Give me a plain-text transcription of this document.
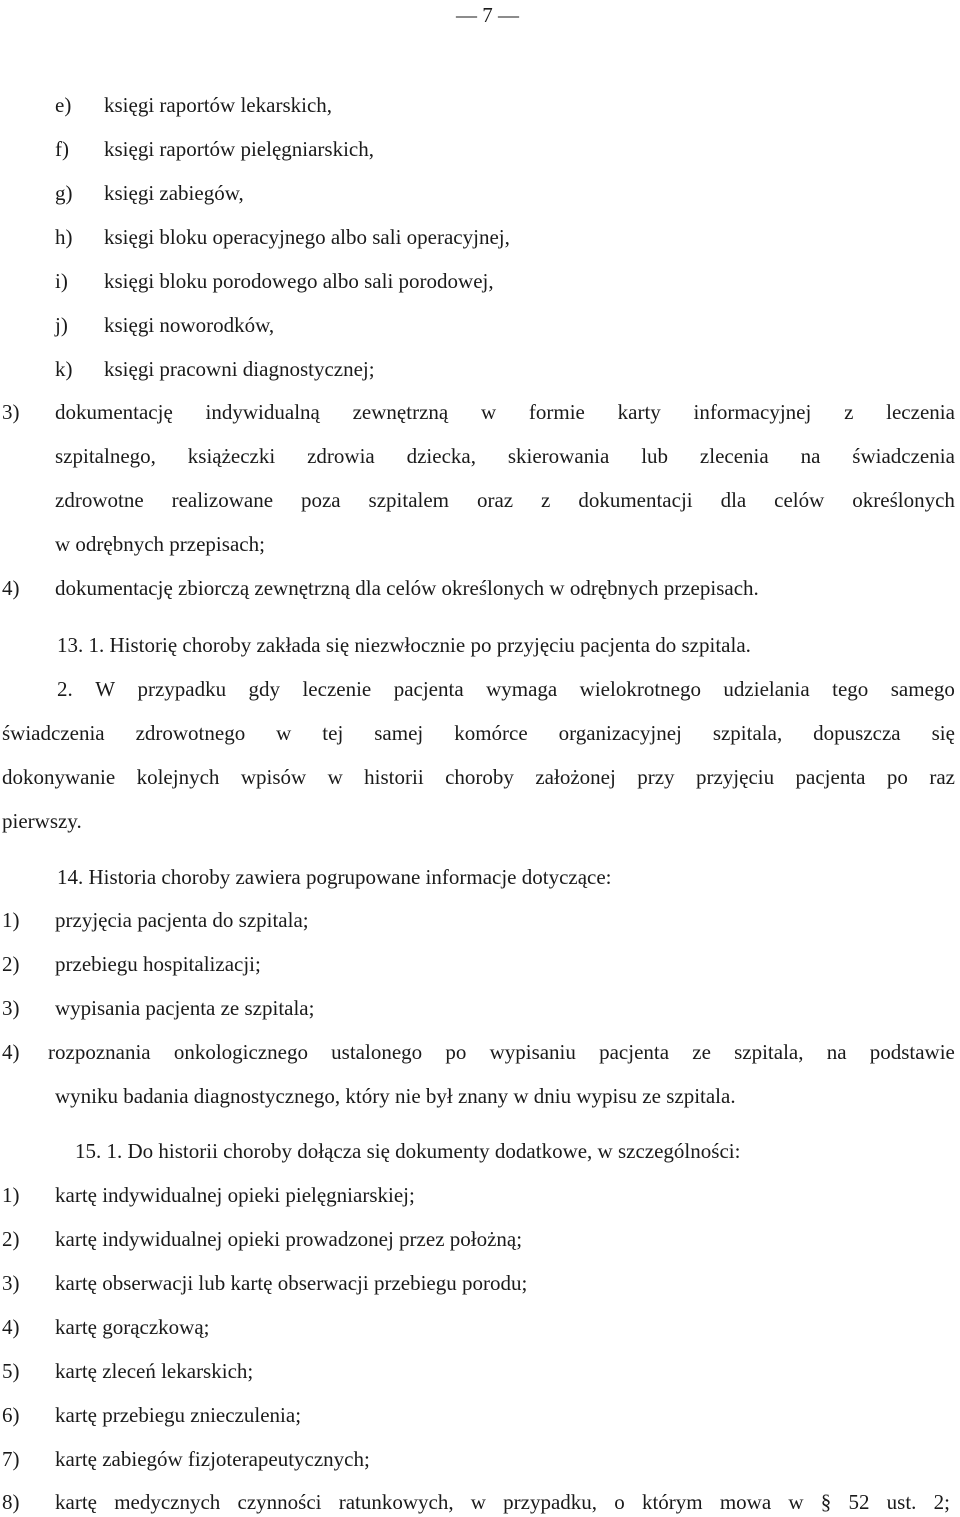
— 7 —
e) księgi raportów lekarskich,
f) księgi raportów pielęgniarskich,
g) księgi zabiegów,
h) księgi bloku operacyjnego albo sali operacyjnej,
i) księgi bloku porodowego albo sali porodowej,
j) księgi noworodków,
k) księgi pracowni diagnostycznej;
3) dokumentację indywidualną zewnętrzną w formie karty informacyjnej z leczenia
szpitalnego, książeczki zdrowia dziecka, skierowania lub zlecenia na świadczenia
zdrowotne realizowane poza szpitalem oraz z dokumentacji dla celów określonych
w odrębnych przepisach;
4) dokumentację zbiorczą zewnętrzną dla celów określonych w odrębnych przepisach.
13. 1. Historię choroby zakłada się niezwłocznie po przyjęciu pacjenta do szpitala.
2. W przypadku gdy leczenie pacjenta wymaga wielokrotnego udzielania tego samego
świadczenia zdrowotnego w tej samej komórce organizacyjnej szpitala, dopuszcza się
dokonywanie kolejnych wpisów w historii choroby założonej przy przyjęciu pacjenta po raz
pierwszy.
14. Historia choroby zawiera pogrupowane informacje dotyczące:
1) przyjęcia pacjenta do szpitala;
2) przebiegu hospitalizacji;
3) wypisania pacjenta ze szpitala;
4) rozpoznania onkologicznego ustalonego po wypisaniu pacjenta ze szpitala, na podstawie
wyniku badania diagnostycznego, który nie był znany w dniu wypisu ze szpitala.
15. 1. Do historii choroby dołącza się dokumenty dodatkowe, w szczególności:
1) kartę indywidualnej opieki pielęgniarskiej;
2) kartę indywidualnej opieki prowadzonej przez położną;
3) kartę obserwacji lub kartę obserwacji przebiegu porodu;
4) kartę gorączkową;
5) kartę zleceń lekarskich;
6) kartę przebiegu znieczulenia;
7) kartę zabiegów fizjoterapeutycznych;
8) kartę medycznych czynności ratunkowych, w przypadku, o którym mowa w § 52 ust. 2;
